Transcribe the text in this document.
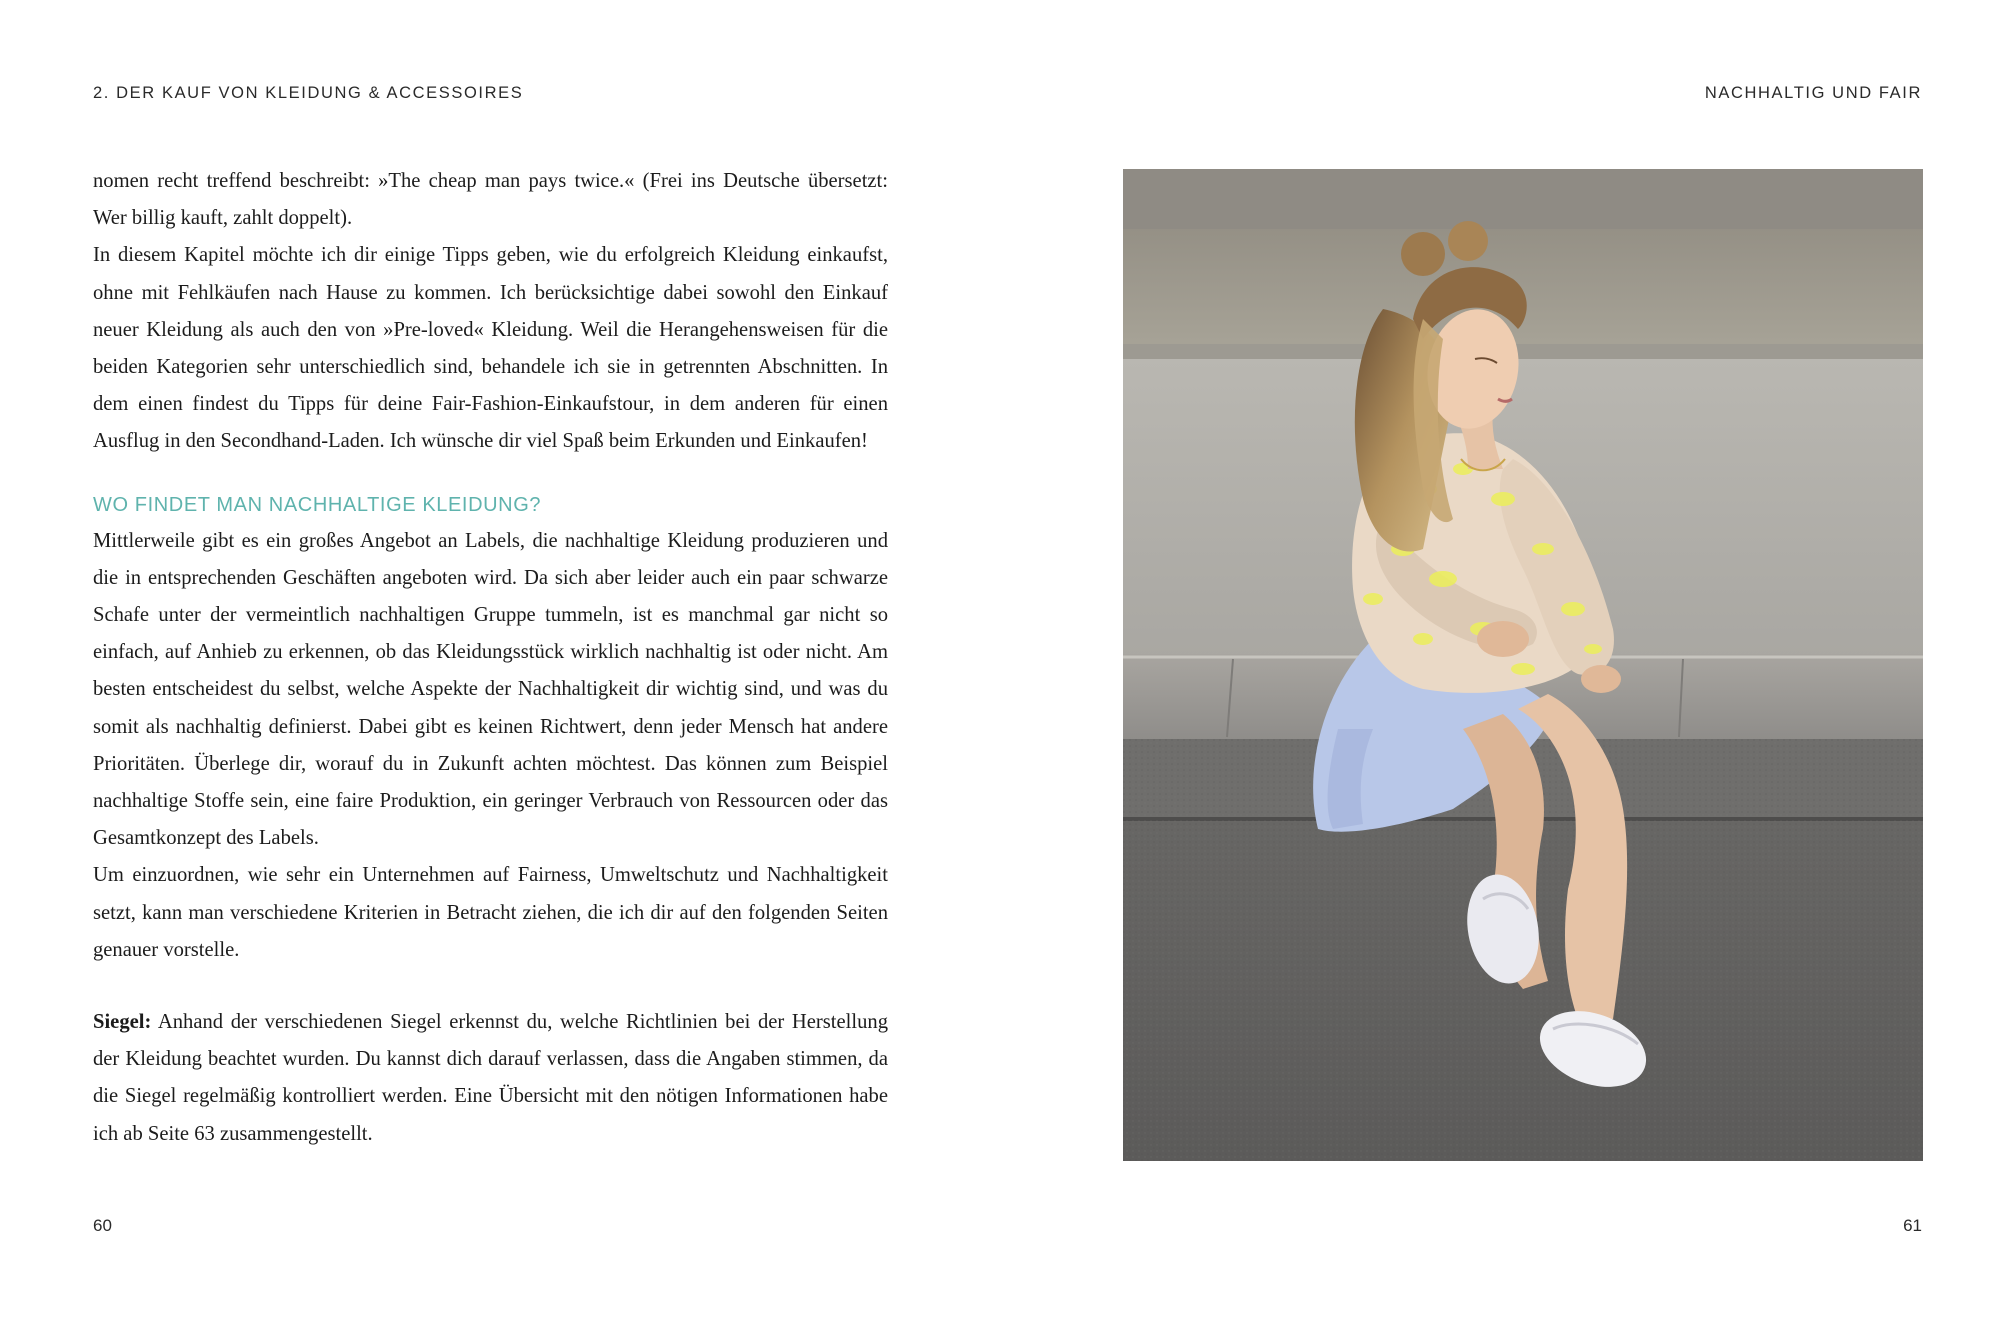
2. DER KAUF VON KLEIDUNG & ACCESSOIRES	NACHHALTIG UND FAIR

nomen recht treffend beschreibt: »The cheap man pays twice.« (Frei ins Deutsche übersetzt: Wer billig kauft, zahlt doppelt).

In diesem Kapitel möchte ich dir einige Tipps geben, wie du erfolgreich Kleidung einkaufst, ohne mit Fehlkäufen nach Hause zu kommen. Ich berücksichtige dabei sowohl den Einkauf neuer Kleidung als auch den von »Pre-loved« Kleidung. Weil die Herangehensweisen für die beiden Kategorien sehr unterschiedlich sind, behandele ich sie in getrennten Abschnitten. In dem einen findest du Tipps für deine Fair-Fashion-Einkaufstour, in dem anderen für einen Ausflug in den Secondhand-Laden. Ich wünsche dir viel Spaß beim Erkunden und Einkaufen!

WO FINDET MAN NACHHALTIGE KLEIDUNG?

Mittlerweile gibt es ein großes Angebot an Labels, die nachhaltige Kleidung produzieren und die in entsprechenden Geschäften angeboten wird. Da sich aber leider auch ein paar schwarze Schafe unter der vermeintlich nachhaltigen Gruppe tummeln, ist es manchmal gar nicht so einfach, auf Anhieb zu erkennen, ob das Kleidungsstück wirklich nachhaltig ist oder nicht. Am besten entscheidest du selbst, welche Aspekte der Nachhaltigkeit dir wichtig sind, und was du somit als nachhaltig definierst. Dabei gibt es keinen Richtwert, denn jeder Mensch hat andere Prioritäten. Überlege dir, worauf du in Zukunft achten möchtest. Das können zum Beispiel nachhaltige Stoffe sein, eine faire Produktion, ein geringer Verbrauch von Ressourcen oder das Gesamtkonzept des Labels.

Um einzuordnen, wie sehr ein Unternehmen auf Fairness, Umweltschutz und Nachhaltigkeit setzt, kann man verschiedene Kriterien in Betracht ziehen, die ich dir auf den folgenden Seiten genauer vorstelle.

Siegel: Anhand der verschiedenen Siegel erkennst du, welche Richtlinien bei der Herstellung der Kleidung beachtet wurden. Du kannst dich darauf verlassen, dass die Angaben stimmen, da die Siegel regelmäßig kontrolliert werden. Eine Übersicht mit den nötigen Informationen habe ich ab Seite 63 zusammengestellt.

60	61
